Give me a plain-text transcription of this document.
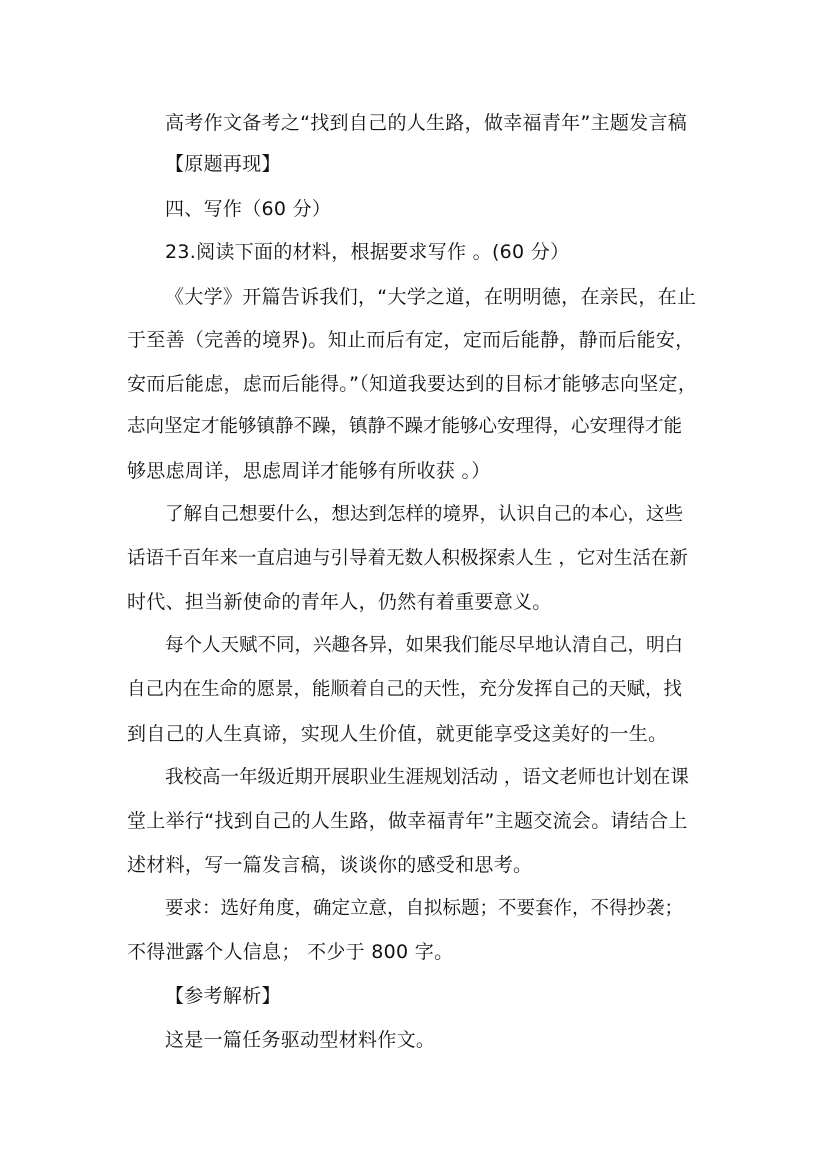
高考作文备考之“找到自己的人生路，做幸福青年”主题发言稿
【原题再现】
四、写作（60 分）
23.阅读下面的材料，根据要求写作 。(60 分）
《大学》开篇告诉我们，“大学之道，在明明德，在亲民，在止
于至善（完善的境界)。知止而后有定，定而后能静，静而后能安，
安而后能虑，虑而后能得。”（知道我要达到的目标才能够志向坚定，
志向坚定才能够镇静不躁，镇静不躁才能够心安理得，心安理得才能
够思虑周详，思虑周详才能够有所收获 。）
了解自己想要什么，想达到怎样的境界，认识自己的本心，这些
话语千百年来一直启迪与引导着无数人积极探索人生 ，它对生活在新
时代、担当新使命的青年人，仍然有着重要意义。
每个人天赋不同，兴趣各异，如果我们能尽早地认清自己，明白
自己内在生命的愿景，能顺着自己的天性，充分发挥自己的天赋，找
到自己的人生真谛，实现人生价值，就更能享受这美好的一生。
我校高一年级近期开展职业生涯规划活动 ，语文老师也计划在课
堂上举行“找到自己的人生路，做幸福青年”主题交流会。请结合上
述材料，写一篇发言稿，谈谈你的感受和思考。
要求：选好角度，确定立意，自拟标题；不要套作，不得抄袭；
不得泄露个人信息； 不少于 800 字。
【参考解析】
这是一篇任务驱动型材料作文。
